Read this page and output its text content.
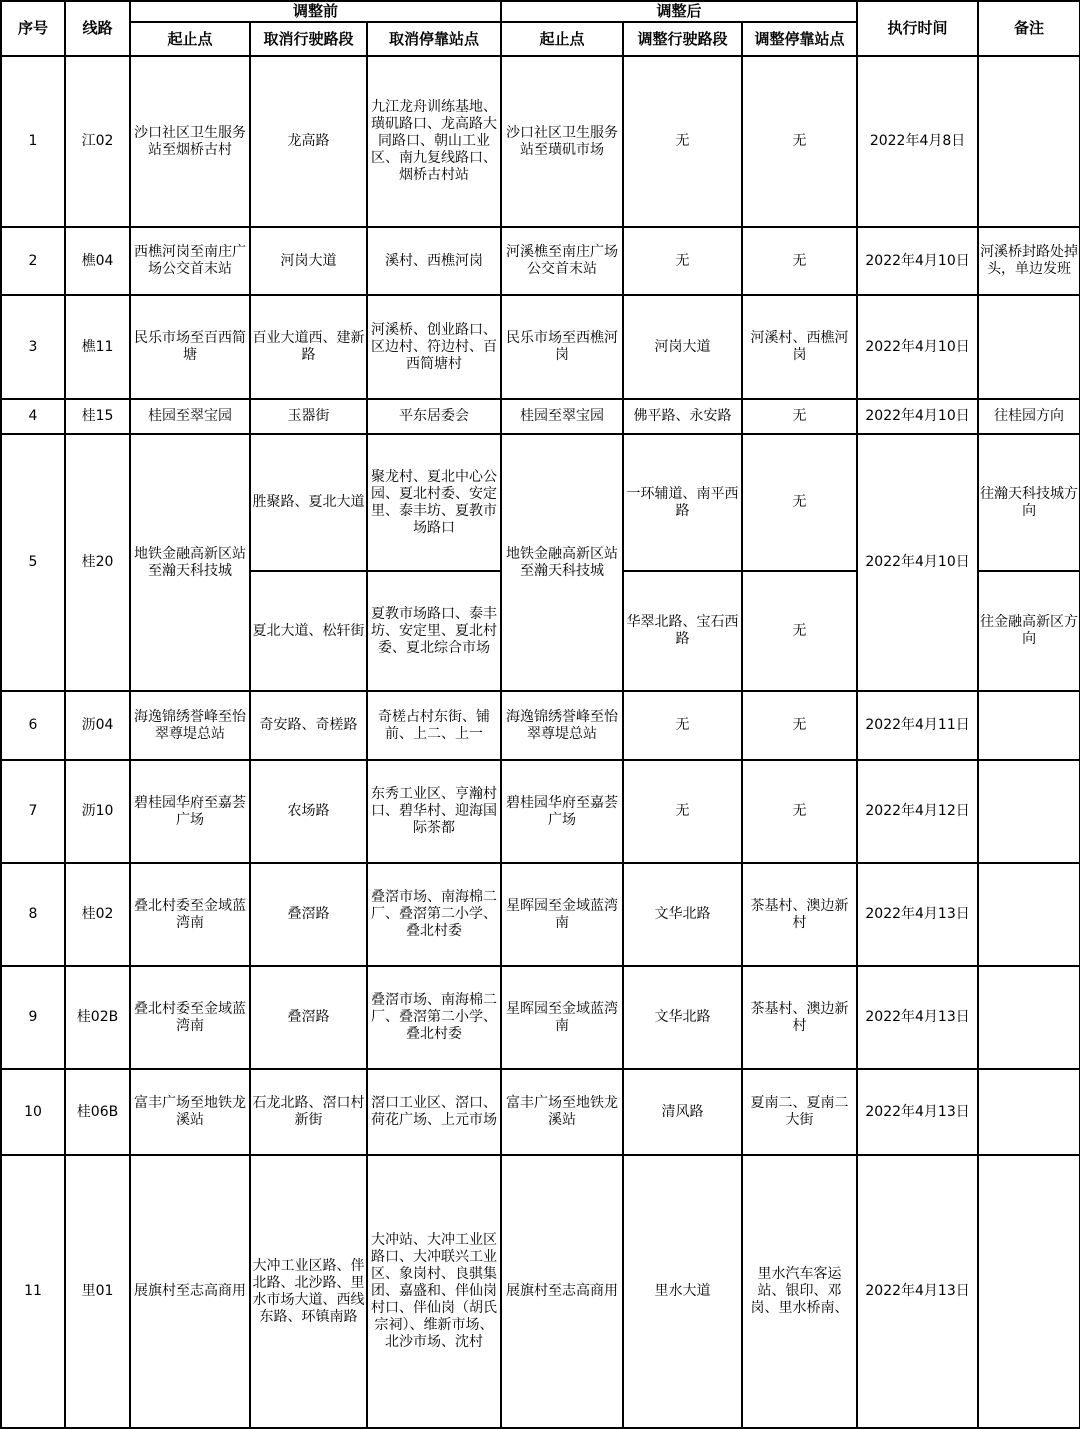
序号	线路	调整前			调整后			执行时间	备注
		起止点	取消行驶路段	取消停靠站点	起止点	调整行驶路段	调整停靠站点		
1	江02	沙口社区卫生服务站至烟桥古村	龙高路	九江龙舟训练基地、璜矶路口、龙高路大同路口、朝山工业区、南九复线路口、烟桥古村站	沙口社区卫生服务站至璜矶市场	无	无	2022年4月8日	
2	樵04	西樵河岗至南庄广场公交首末站	河岗大道	溪村、西樵河岗	河溪樵至南庄广场公交首末站	无	无	2022年4月10日	河溪桥封路处掉头，单边发班
3	樵11	民乐市场至百西简塘	百业大道西、建新路	河溪桥、创业路口、区边村、符边村、百西简塘村	民乐市场至西樵河岗	河岗大道	河溪村、西樵河岗	2022年4月10日	
4	桂15	桂园至翠宝园	玉器街	平东居委会	桂园至翠宝园	佛平路、永安路	无	2022年4月10日	往桂园方向
5	桂20	地铁金融高新区站至瀚天科技城	胜聚路、夏北大道	聚龙村、夏北中心公园、夏北村委、安定里、泰丰坊、夏教市场路口	地铁金融高新区站至瀚天科技城	一环辅道、南平西路	无	2022年4月10日	往瀚天科技城方向
			夏北大道、松轩街	夏教市场路口、泰丰坊、安定里、夏北村委、夏北综合市场		华翠北路、宝石西路	无		往金融高新区方向
6	沥04	海逸锦绣誉峰至怡翠尊堤总站	奇安路、奇槎路	奇槎占村东街、铺前、上二、上一	海逸锦绣誉峰至怡翠尊堤总站	无	无	2022年4月11日	
7	沥10	碧桂园华府至嘉荟广场	农场路	东秀工业区、亨瀚村口、碧华村、迎海国际茶都	碧桂园华府至嘉荟广场	无	无	2022年4月12日	
8	桂02	叠北村委至金域蓝湾南	叠滘路	叠滘市场、南海棉二厂、叠滘第二小学、叠北村委	星晖园至金域蓝湾南	文华北路	茶基村、澳边新村	2022年4月13日	
9	桂02B	叠北村委至金域蓝湾南	叠滘路	叠滘市场、南海棉二厂、叠滘第二小学、叠北村委	星晖园至金域蓝湾南	文华北路	茶基村、澳边新村	2022年4月13日	
10	桂06B	富丰广场至地铁龙溪站	石龙北路、滘口村新街	滘口工业区、滘口、荷花广场、上元市场	富丰广场至地铁龙溪站	清风路	夏南二、夏南二大街	2022年4月13日	
11	里01	展旗村至志高商用	大冲工业区路、伴北路、北沙路、里水市场大道、西线东路、环镇南路	大冲站、大冲工业区路口、大冲联兴工业区、象岗村、良骐集团、嘉盛和、伴仙岗村口、伴仙岗（胡氏宗祠）、维新市场、北沙市场、沈村	展旗村至志高商用	里水大道	里水汽车客运站、银印、邓岗、里水桥南、	2022年4月13日	
